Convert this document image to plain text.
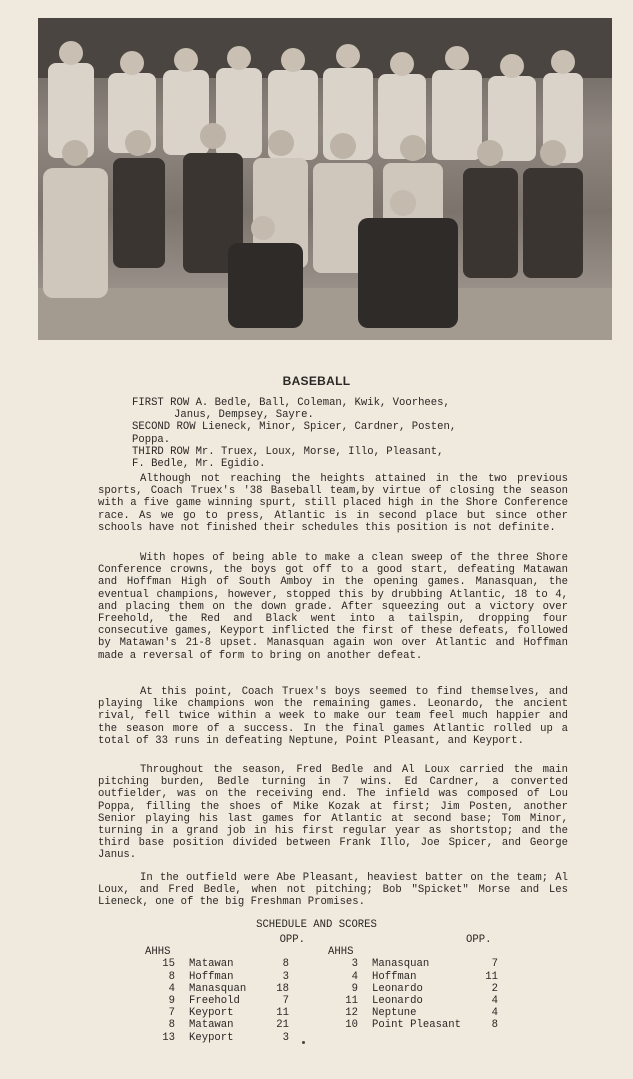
BASEBALL
FIRST ROW A. Bedle, Ball, Coleman, Kwik, Voorhees,
Janus, Dempsey, Sayre.
SECOND ROW Lieneck, Minor, Spicer, Cardner, Posten,
Poppa.
THIRD ROW Mr. Truex, Loux, Morse, Illo, Pleasant,
F. Bedle, Mr. Egidio.

Although not reaching the heights attained in the two previous sports, Coach Truex's '38 Baseball team,by virtue of closing the season with a five game winning spurt, still placed high in the Shore Conference race. As we go to press, Atlantic is in second place but since other schools have not finished their schedules this position is not definite.

With hopes of being able to make a clean sweep of the three Shore Conference crowns, the boys got off to a good start, defeating Matawan and Hoffman High of South Amboy in the opening games. Manasquan, the eventual champions, however, stopped this by drubbing Atlantic, 18 to 4, and placing them on the down grade. After squeezing out a victory over Freehold, the Red and Black went into a tailspin, dropping four consecutive games, Keyport inflicted the first of these defeats, followed by Matawan's 21-8 upset. Manasquan again won over Atlantic and Hoffman made a reversal of form to bring on another defeat.

At this point, Coach Truex's boys seemed to find themselves, and playing like champions won the remaining games. Leonardo, the ancient rival, fell twice within a week to make our team feel much happier and the season more of a success. In the final games Atlantic rolled up a total of 33 runs in defeating Neptune, Point Pleasant, and Keyport.

Throughout the season, Fred Bedle and Al Loux carried the main pitching burden, Bedle turning in 7 wins. Ed Cardner, a converted outfielder, was on the receiving end. The infield was composed of Lou Poppa, filling the shoes of Mike Kozak at first; Jim Posten, another Senior playing his last games for Atlantic at second base; Tom Minor, turning in a grand job in his first regular year as shortstop; and the third base position divided between Frank Illo, Joe Spicer, and George Janus.

In the outfield were Abe Pleasant, heaviest batter on the team; Al Loux, and Fred Bedle, when not pitching; Bob "Spicket" Morse and Les Lieneck, one of the big Freshman Promises.

SCHEDULE AND SCORES
OPP.
AHHS
15	Matawan	8
8	Hoffman	3
4	Manasquan	18
9	Freehold	7
7	Keyport	11
8	Matawan	21
13	Keyport	3
OPP.
AHHS
3	Manasquan	7
4	Hoffman	11
9	Leonardo	2
11	Leonardo	4
12	Neptune	4
10	Point Pleasant	8
